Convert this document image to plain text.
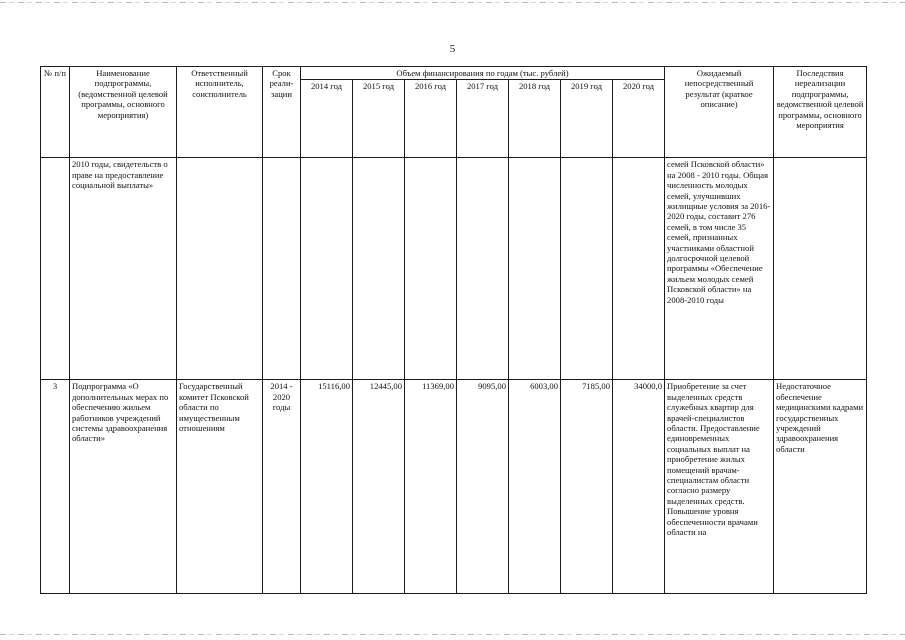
5
№ п/п	Наименование подпрограммы, (ведомственной целевой программы, основного мероприятия)	Ответственный исполнитель, соисполнитель	Срок реали-зации	Объем финансирования по годам (тыс. рублей)							Ожидаемый непосредственный результат (краткое описание)	Последствия нереализации подпрограммы, ведомственной целевой программы, основного мероприятия
				2014 год	2015 год	2016 год	2017 год	2018 год	2019 год	2020 год		
	2010 годы, свидетельств о праве на предоставление социальной выплаты»										семей Псковской области» на 2008 - 2010 годы. Общая численность молодых семей, улучшивших жилищные условия за 2016-2020 годы, составит 276 семей, в том числе 35 семей, признанных участниками областной долгосрочной целевой программы «Обеспечение жильем молодых семей Псковской области» на 2008-2010 годы	
3	Подпрограмма «О дополнительных мерах по обеспечению жильем работников учреждений системы здравоохранения области»	Государственный комитет Псковской области по имущественным отношениям	2014 - 2020 годы	15116,00	12445,00	11369,00	9095,00	6003,00	7185,00	34000,0	Приобретение за счет выделенных средств служебных квартир для врачей-специалистов области. Предоставление единовременных социальных выплат на приобретение жилых помещений врачам-специалистам области согласно размеру выделенных средств. Повышение уровня обеспеченности врачами области на	Недостаточное обеспечение медицинскими кадрами государственных учреждений здравоохранения области
